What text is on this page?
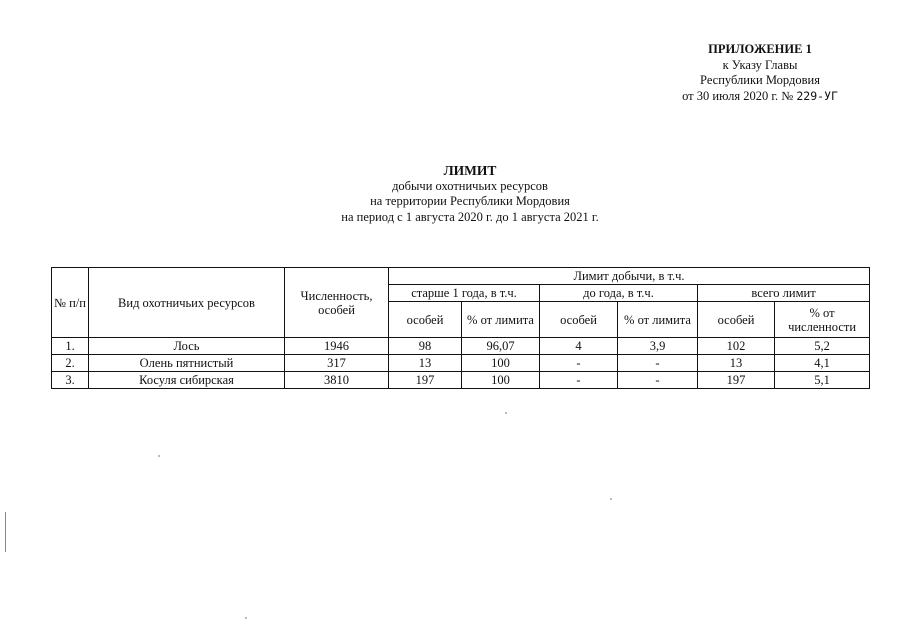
ПРИЛОЖЕНИЕ 1
к Указу Главы
Республики Мордовия
от 30 июля 2020 г. № 229-УГ
ЛИМИТ
добычи охотничьих ресурсов
на территории Республики Мордовия
на период с 1 августа 2020 г. до 1 августа 2021 г.
№ п/п	Вид охотничьих ресурсов	Численность, особей	Лимит добычи, в т.ч.					
			старше 1 года, в т.ч.		до года, в т.ч.		всего лимит	
			особей	% от лимита	особей	% от лимита	особей	% от численности
1.	Лось	1946	98	96,07	4	3,9	102	5,2
2.	Олень пятнистый	317	13	100	-	-	13	4,1
3.	Косуля сибирская	3810	197	100	-	-	197	5,1
